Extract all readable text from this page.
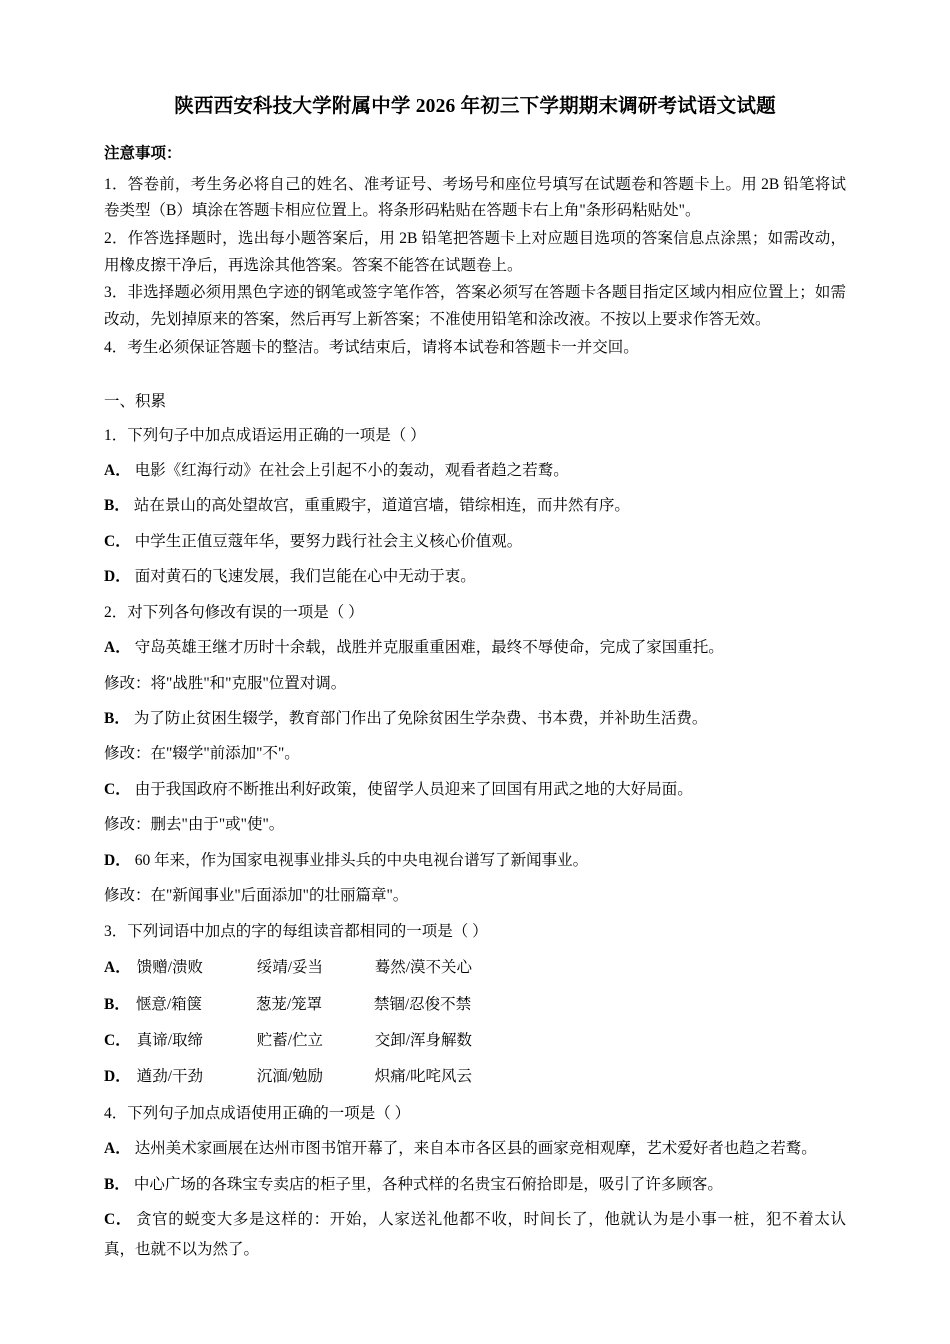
陕西西安科技大学附属中学 2026 年初三下学期期末调研考试语文试题
注意事项：

1．答卷前，考生务必将自己的姓名、准考证号、考场号和座位号填写在试题卷和答题卡上。用 2B 铅笔将试卷类型（B）填涂在答题卡相应位置上。将条形码粘贴在答题卡右上角"条形码粘贴处"。

2．作答选择题时，选出每小题答案后，用 2B 铅笔把答题卡上对应题目选项的答案信息点涂黑；如需改动，用橡皮擦干净后，再选涂其他答案。答案不能答在试题卷上。

3．非选择题必须用黑色字迹的钢笔或签字笔作答，答案必须写在答题卡各题目指定区域内相应位置上；如需改动，先划掉原来的答案，然后再写上新答案；不准使用铅笔和涂改液。不按以上要求作答无效。

4．考生必须保证答题卡的整洁。考试结束后，请将本试卷和答题卡一并交回。

一、积累

1．下列句子中加点成语运用正确的一项是（ ）

A． 电影《红海行动》在社会上引起不小的轰动，观看者趋之若鹜。

B． 站在景山的高处望故宫，重重殿宇，道道宫墙，错综相连，而井然有序。

C． 中学生正值豆蔻年华，要努力践行社会主义核心价值观。

D． 面对黄石的飞速发展，我们岂能在心中无动于衷。

2．对下列各句修改有误的一项是（ ）

A． 守岛英雄王继才历时十余载，战胜并克服重重困难，最终不辱使命，完成了家国重托。

修改：将"战胜"和"克服"位置对调。

B． 为了防止贫困生辍学，教育部门作出了免除贫困生学杂费、书本费，并补助生活费。

修改：在"辍学"前添加"不"。

C． 由于我国政府不断推出利好政策，使留学人员迎来了回国有用武之地的大好局面。

修改：删去"由于"或"使"。

D． 60 年来，作为国家电视事业排头兵的中央电视台谱写了新闻事业。

修改：在"新闻事业"后面添加"的壮丽篇章"。

3．下列词语中加点的字的每组读音都相同的一项是（ ）

A． 馈赠/溃败	绥靖/妥当	蓦然/漠不关心
B． 惬意/箱箧	葱茏/笼罩	禁锢/忍俊不禁
C． 真谛/取缔	贮蓄/伫立	交卸/浑身解数
D． 遒劲/干劲	沉湎/勉励	炽痛/叱咤风云

4．下列句子加点成语使用正确的一项是（ ）

A． 达州美术家画展在达州市图书馆开幕了，来自本市各区县的画家竞相观摩，艺术爱好者也趋之若鹜。

B． 中心广场的各珠宝专卖店的柜子里，各种式样的名贵宝石俯拾即是，吸引了许多顾客。

C． 贪官的蜕变大多是这样的：开始，人家送礼他都不收，时间长了，他就认为是小事一桩，犯不着太认真，也就不以为然了。
